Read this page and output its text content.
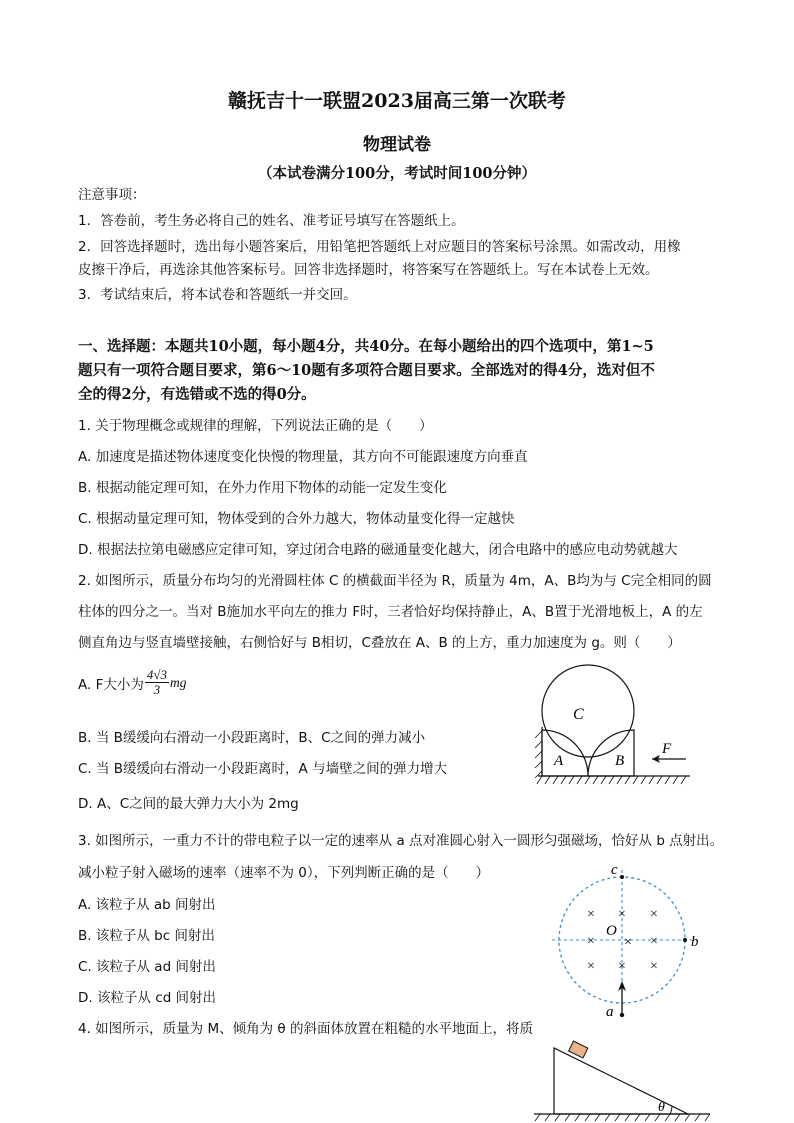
赣抚吉十一联盟2023届高三第一次联考
物理试卷
（本试卷满分100分，考试时间100分钟）
注意事项：
1．答卷前，考生务必将自己的姓名、准考证号填写在答题纸上。
2．回答选择题时，选出每小题答案后，用铅笔把答题纸上对应题目的答案标号涂黑。如需改动，用橡
皮擦干净后，再选涂其他答案标号。回答非选择题时，将答案写在答题纸上。写在本试卷上无效。
3．考试结束后，将本试卷和答题纸一并交回。
一、选择题：本题共10小题，每小题4分，共40分。在每小题给出的四个选项中，第1~5
题只有一项符合题目要求，第6～10题有多项符合题目要求。全部选对的得4分，选对但不
全的得2分，有选错或不选的得0分。
1. 关于物理概念或规律的理解，下列说法正确的是（　　）
A. 加速度是描述物体速度变化快慢的物理量，其方向不可能跟速度方向垂直
B. 根据动能定理可知，在外力作用下物体的动能一定发生变化
C. 根据动量定理可知，物体受到的合外力越大，物体动量变化得一定越快
D. 根据法拉第电磁感应定律可知，穿过闭合电路的磁通量变化越大，闭合电路中的感应电动势就越大
2. 如图所示，质量分布均匀的光滑圆柱体 C 的横截面半径为 R，质量为 4m，A、B均为与 C完全相同的圆
柱体的四分之一。当对 B施加水平向左的推力 F时，三者恰好均保持静止，A、B置于光滑地板上，A 的左
侧直角边与竖直墙壁接触，右侧恰好与 B相切，C叠放在 A、B 的上方，重力加速度为 g。则（　　）
A. F大小为 $\frac{4√3}{3}$ mg
B. 当 B缓缓向右滑动一小段距离时，B、C之间的弹力减小
C. 当 B缓缓向右滑动一小段距离时，A 与墙壁之间的弹力增大
D. A、C之间的最大弹力大小为 2mg
C
A	B
F
3. 如图所示，一重力不计的带电粒子以一定的速率从 a 点对准圆心射入一圆形匀强磁场，恰好从 b 点射出。
减小粒子射入磁场的速率（速率不为 0），下列判断正确的是（　　）
A. 该粒子从 ab 间射出
B. 该粒子从 bc 间射出
C. 该粒子从 ad 间射出
D. 该粒子从 cd 间射出
× × ×
×	×
× × ×
O
×
c
b
a
4. 如图所示，质量为 M、倾角为 θ 的斜面体放置在粗糙的水平地面上，将质
θ
